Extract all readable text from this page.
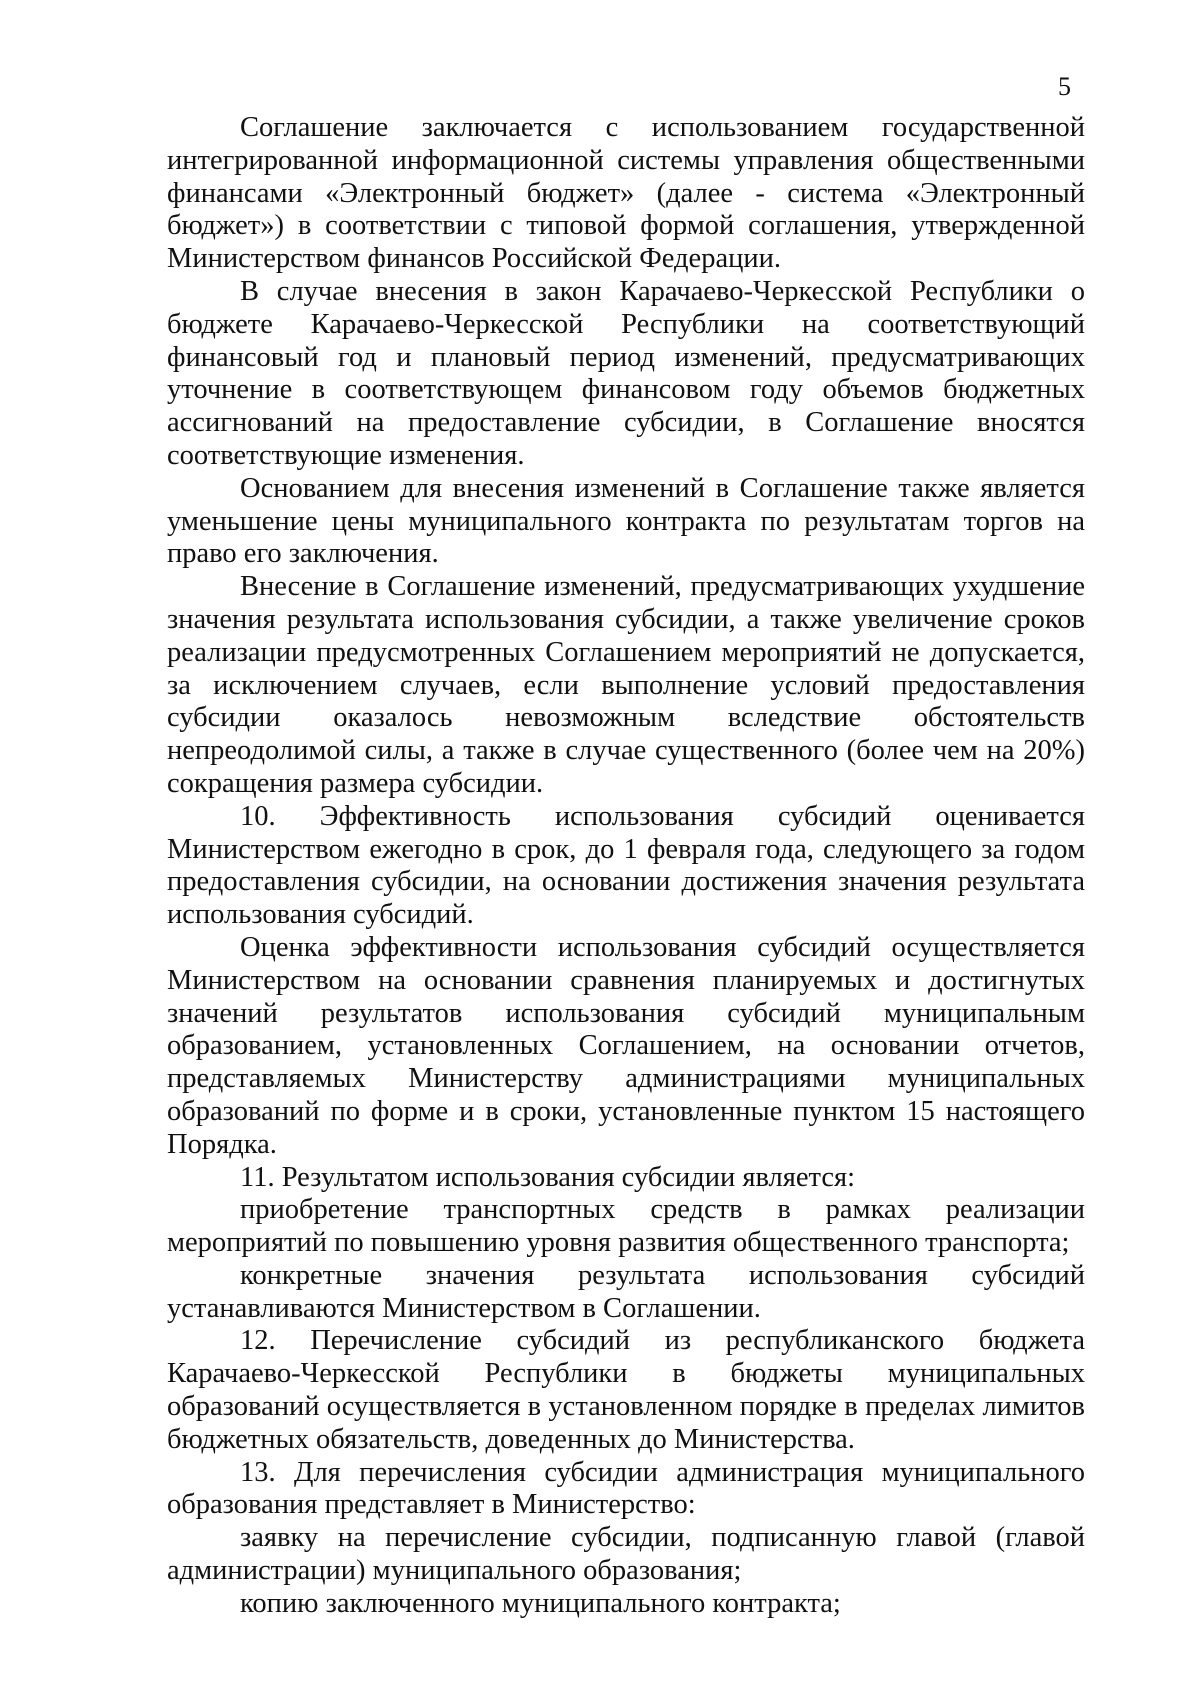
5

Соглашение заключается с использованием государственной интегрированной информационной системы управления общественными финансами «Электронный бюджет» (далее - система «Электронный бюджет») в соответствии с типовой формой соглашения, утвержденной Министерством финансов Российской Федерации.

В случае внесения в закон Карачаево-Черкесской Республики о бюджете Карачаево-Черкесской Республики на соответствующий финансовый год и плановый период изменений, предусматривающих уточнение в соответствующем финансовом году объемов бюджетных ассигнований на предоставление субсидии, в Соглашение вносятся соответствующие изменения.

Основанием для внесения изменений в Соглашение также является уменьшение цены муниципального контракта по результатам торгов на право его заключения.

Внесение в Соглашение изменений, предусматривающих ухудшение значения результата использования субсидии, а также увеличение сроков реализации предусмотренных Соглашением мероприятий не допускается, за исключением случаев, если выполнение условий предоставления субсидии оказалось невозможным вследствие обстоятельств непреодолимой силы, а также в случае существенного (более чем на 20%) сокращения размера субсидии.

10. Эффективность использования субсидий оценивается Министерством ежегодно в срок, до 1 февраля года, следующего за годом предоставления субсидии, на основании достижения значения результата использования субсидий.

Оценка эффективности использования субсидий осуществляется Министерством на основании сравнения планируемых и достигнутых значений результатов использования субсидий муниципальным образованием, установленных Соглашением, на основании отчетов, представляемых Министерству администрациями муниципальных образований по форме и в сроки, установленные пунктом 15 настоящего Порядка.

11. Результатом использования субсидии является:

приобретение транспортных средств в рамках реализации мероприятий по повышению уровня развития общественного транспорта;

конкретные значения результата использования субсидий устанавливаются Министерством в Соглашении.

12. Перечисление субсидий из республиканского бюджета Карачаево-Черкесской Республики в бюджеты муниципальных образований осуществляется в установленном порядке в пределах лимитов бюджетных обязательств, доведенных до Министерства.

13. Для перечисления субсидии администрация муниципального образования представляет в Министерство:

заявку на перечисление субсидии, подписанную главой (главой администрации) муниципального образования;

копию заключенного муниципального контракта;
